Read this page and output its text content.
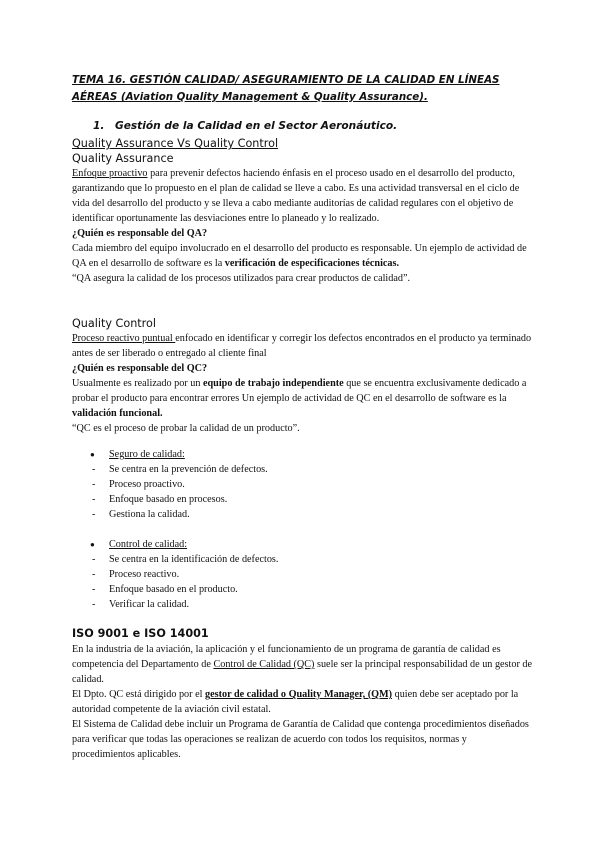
TEMA 16. GESTIÓN CALIDAD/ ASEGURAMIENTO DE LA CALIDAD EN LÍNEAS AÉREAS (Aviation Quality Management & Quality Assurance).
1. Gestión de la Calidad en el Sector Aeronáutico.
Quality Assurance Vs Quality Control
Quality Assurance

Enfoque proactivo para prevenir defectos haciendo énfasis en el proceso usado en el desarrollo del producto, garantizando que lo propuesto en el plan de calidad se lleve a cabo. Es una actividad transversal en el ciclo de vida del desarrollo del producto y se lleva a cabo mediante auditorías de calidad regulares con el objetivo de identificar oportunamente las desviaciones entre lo planeado y lo realizado.

¿Quién es responsable del QA?

Cada miembro del equipo involucrado en el desarrollo del producto es responsable. Un ejemplo de actividad de QA en el desarrollo de software es la verificación de especificaciones técnicas.

“QA asegura la calidad de los procesos utilizados para crear productos de calidad”.

Quality Control

Proceso reactivo puntual enfocado en identificar y corregir los defectos encontrados en el producto ya terminado antes de ser liberado o entregado al cliente final

¿Quién es responsable del QC?

Usualmente es realizado por un equipo de trabajo independiente que se encuentra exclusivamente dedicado a probar el producto para encontrar errores Un ejemplo de actividad de QC en el desarrollo de software es la validación funcional.

“QC es el proceso de probar la calidad de un producto”.

● Seguro de calidad:
- Se centra en la prevención de defectos.
- Proceso proactivo.
- Enfoque basado en procesos.
- Gestiona la calidad.
● Control de calidad:
- Se centra en la identificación de defectos.
- Proceso reactivo.
- Enfoque basado en el producto.
- Verificar la calidad.
ISO 9001 e ISO 14001

En la industria de la aviación, la aplicación y el funcionamiento de un programa de garantía de calidad es competencia del Departamento de Control de Calidad (QC) suele ser la principal responsabilidad de un gestor de calidad.

El Dpto. QC está dirigido por el gestor de calidad o Quality Manager, (QM) quien debe ser aceptado por la autoridad competente de la aviación civil estatal.

El Sistema de Calidad debe incluir un Programa de Garantía de Calidad que contenga procedimientos diseñados para verificar que todas las operaciones se realizan de acuerdo con todos los requisitos, normas y procedimientos aplicables.
